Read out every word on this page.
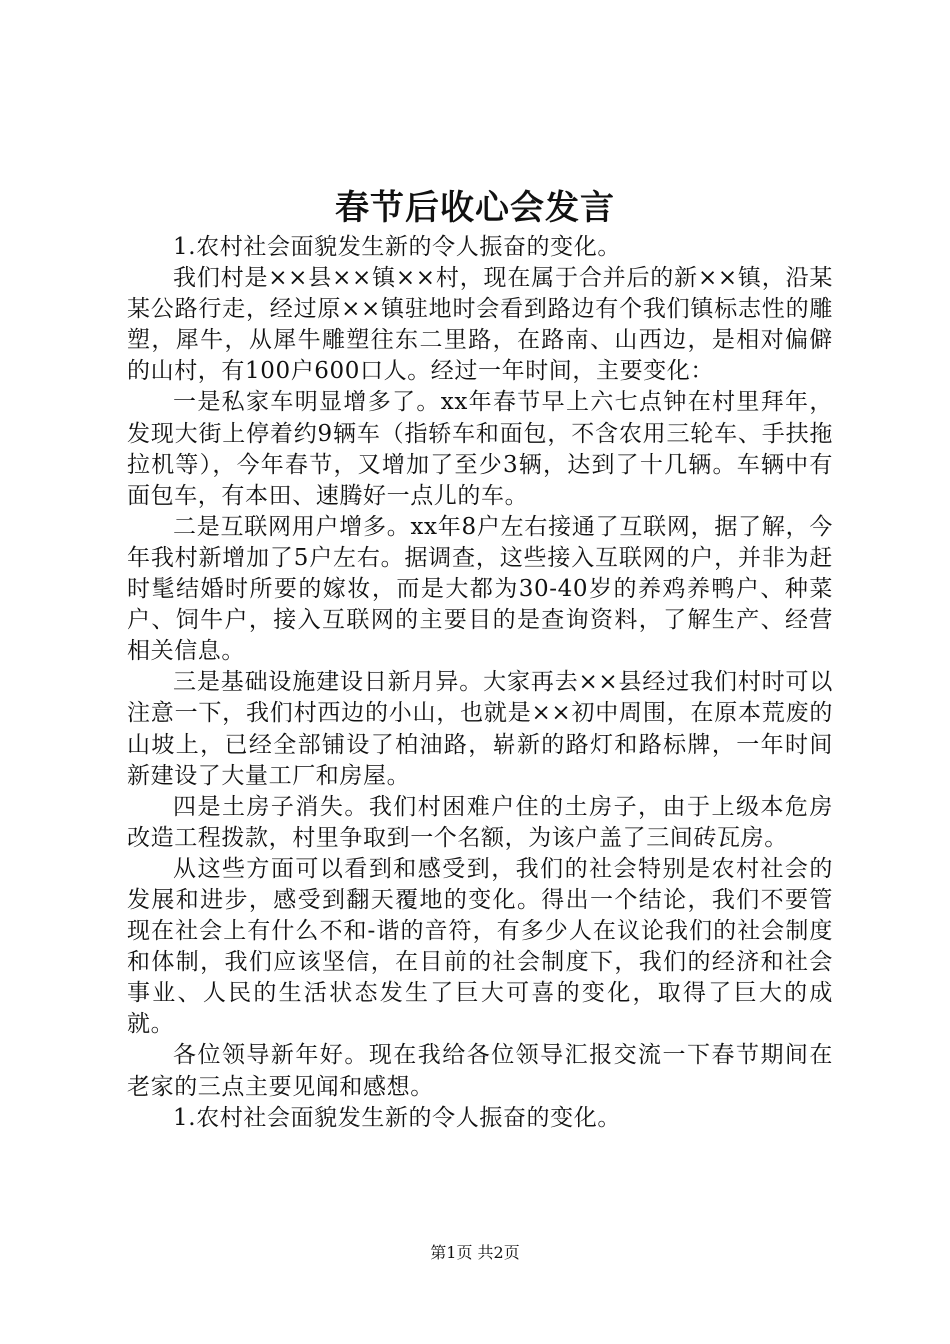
春节后收心会发言

1.农村社会面貌发生新的令人振奋的变化。

我们村是××县××镇××村，现在属于合并后的新××镇，沿某某公路行走，经过原××镇驻地时会看到路边有个我们镇标志性的雕塑，犀牛，从犀牛雕塑往东二里路，在路南、山西边，是相对偏僻的山村，有100户600口人。经过一年时间，主要变化：

一是私家车明显增多了。xx年春节早上六七点钟在村里拜年，发现大街上停着约9辆车（指轿车和面包，不含农用三轮车、手扶拖拉机等），今年春节，又增加了至少3辆，达到了十几辆。车辆中有面包车，有本田、速腾好一点儿的车。

二是互联网用户增多。xx年8户左右接通了互联网，据了解，今年我村新增加了5户左右。据调查，这些接入互联网的户，并非为赶时髦结婚时所要的嫁妆，而是大都为30-40岁的养鸡养鸭户、种菜户、饲牛户，接入互联网的主要目的是查询资料，了解生产、经营相关信息。

三是基础设施建设日新月异。大家再去××县经过我们村时可以注意一下，我们村西边的小山，也就是××初中周围，在原本荒废的山坡上，已经全部铺设了柏油路，崭新的路灯和路标牌，一年时间新建设了大量工厂和房屋。

四是土房子消失。我们村困难户住的土房子，由于上级本危房改造工程拨款，村里争取到一个名额，为该户盖了三间砖瓦房。

从这些方面可以看到和感受到，我们的社会特别是农村社会的发展和进步，感受到翻天覆地的变化。得出一个结论，我们不要管现在社会上有什么不和-谐的音符，有多少人在议论我们的社会制度和体制，我们应该坚信，在目前的社会制度下，我们的经济和社会事业、人民的生活状态发生了巨大可喜的变化，取得了巨大的成就。

各位领导新年好。现在我给各位领导汇报交流一下春节期间在老家的三点主要见闻和感想。

1.农村社会面貌发生新的令人振奋的变化。

第1页 共2页
